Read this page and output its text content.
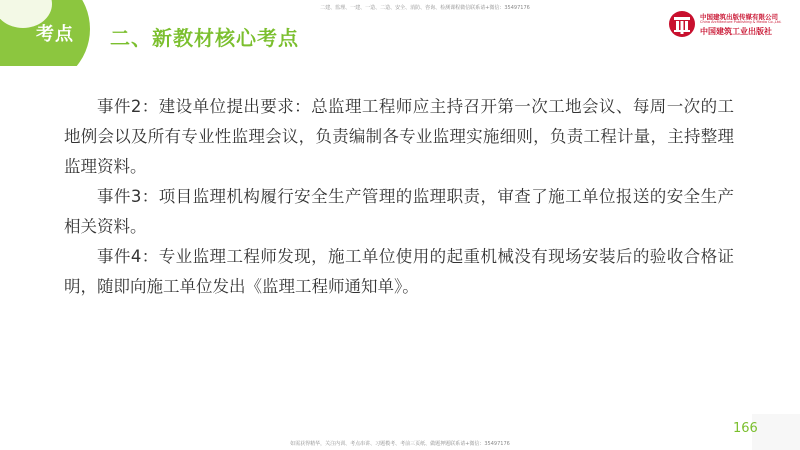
二建、监理、一建、一造、二造、安全、消防、咨询、检测课程微信联系请+微信：35497176
考点 二、新教材核心考点
中国建筑出版传媒有限公司
China Architecture Publishing & Media Co.,Ltd.
中国建筑工业出版社

事件2：建设单位提出要求：总监理工程师应主持召开第一次工地会议、每周一次的工地例会以及所有专业性监理会议，负责编制各专业监理实施细则，负责工程计量，主持整理监理资料。

事件3：项目监理机构履行安全生产管理的监理职责，审查了施工单位报送的安全生产相关资料。

事件4：专业监理工程师发现，施工单位使用的起重机械没有现场安装后的验收合格证明，随即向施工单位发出《监理工程师通知单》。

166
如需获得精华，关注内训、考点串讲、习题模考、考前三页纸、做题押题联系请+微信：35497176
